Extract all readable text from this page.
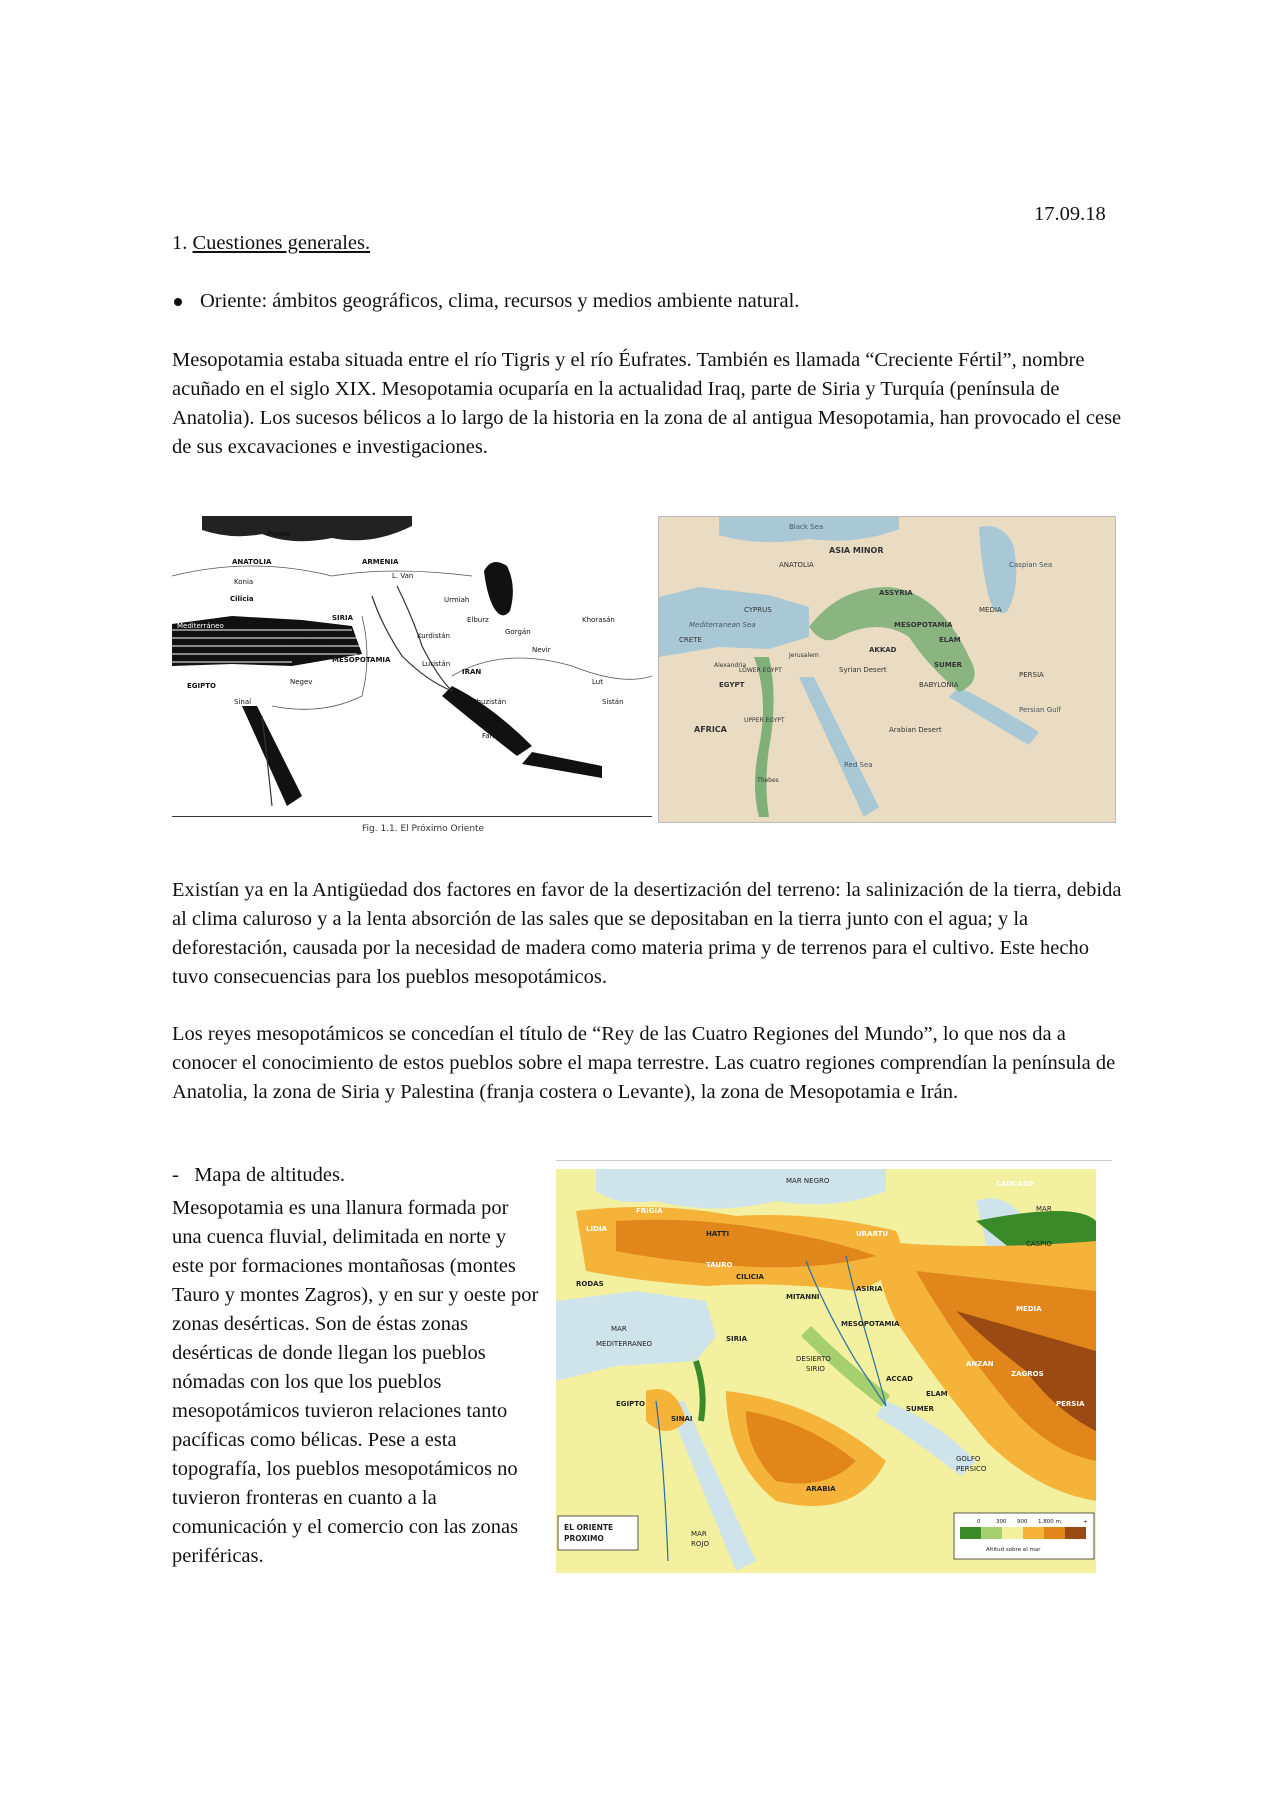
17.09.18
1. Cuestiones generales.
Oriente: ámbitos geográficos, clima, recursos y medios ambiente natural.

Mesopotamia estaba situada entre el río Tigris y el río Éufrates. También es llamada “Creciente Fértil”, nombre acuñado en el siglo XIX. Mesopotamia ocuparía en la actualidad Iraq, parte de Siria y Turquía (península de Anatolia). Los sucesos bélicos a lo largo de la historia en la zona de al antigua Mesopotamia, han provocado el cese de sus excavaciones e investigaciones.

Ponto
ANATOLIA
Konia
Cilicia
ARMENIA
L. Van
Urmiah
Gorgán
Elburz	Khorasán
SIRIA
PALESTINA
MESOPOTAMIA
Kurdistán
Nevir
Luristán
IRAN
Negev
EGIPTO
Sinaí	Khuzistán
Fars
Lut
Sistán
Mediterráneo
Black Sea
ASIA MINOR
ANATOLIA	Caspian Sea
ASSYRIA
Mediterranean Sea
CYPRUS
CRETE
MESOPOTAMIA
AKKAD
ELAM
SUMER
MEDIA
PERSIA
BABYLONIA
Syrian Desert
EGYPT
LOWER EGYPT
UPPER EGYPT
AFRICA	Arabian Desert
Red Sea
Persian Gulf
Alexandria
Jerusalem
Thebes
Fig. 1.1. El Próximo Oriente

Existían ya en la Antigüedad dos factores en favor de la desertización del terreno: la salinización de la tierra, debida al clima caluroso y a la lenta absorción de las sales que se depositaban en la tierra junto con el agua; y la deforestación, causada por la necesidad de madera como materia prima y de terrenos para el cultivo. Este hecho tuvo consecuencias para los pueblos mesopotámicos.

Los reyes mesopotámicos se concedían el título de “Rey de las Cuatro Regiones del Mundo”, lo que nos da a conocer el conocimiento de estos pueblos sobre el mapa terrestre. Las cuatro regiones comprendían la península de Anatolia, la zona de Siria y Palestina (franja costera o Levante), la zona de Mesopotamia e Irán.

-   Mapa de altitudes.

Mesopotamia es una llanura formada por una cuenca fluvial, delimitada en norte y este por formaciones montañosas (montes Tauro y montes Zagros), y en sur y oeste por zonas desérticas. Son de éstas zonas desérticas de donde llegan los pueblos nómadas con los que los pueblos mesopotámicos tuvieron relaciones tanto pacíficas como bélicas. Pese a esta topografía, los pueblos mesopotámicos no tuvieron fronteras en cuanto a la comunicación y el comercio con las zonas periféricas.

MAR NEGRO	CAUCASO
MAR
CASPIO
FRIGIA
LIDIA
HATTI	URARTU
TAURO
CILICIA
RODAS
ASIRIA
MITANNI
MAR
MEDITERRANEO
MEDIA
SIRIA
DESIERTO
SIRIO
MESOPOTAMIA
ACCAD
ELAM
ZAGROS
ANZAN
PERSIA
SUMER
GOLFO
PERSICO
EGIPTO
SINAI
ARABIA
MAR
ROJO
EL ORIENTE
PROXIMO
0	300 900 1.800 m.	+
Altitud sobre el mar
